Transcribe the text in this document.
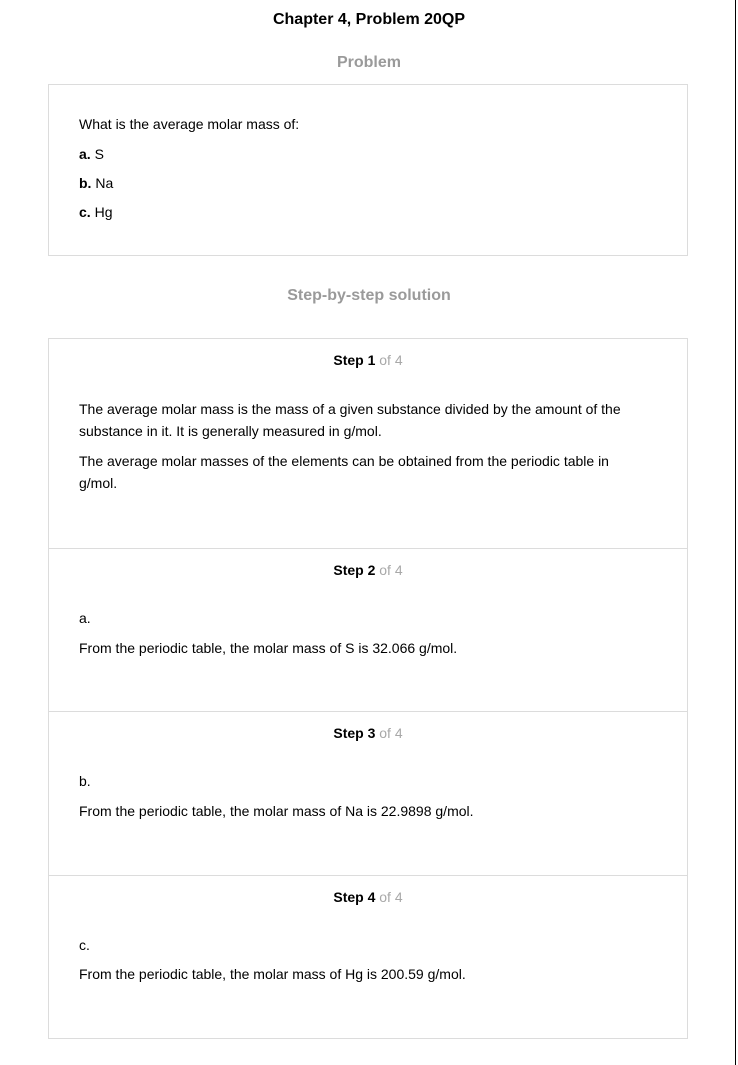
Chapter 4, Problem 20QP
Problem
What is the average molar mass of:
a. S
b. Na
c. Hg
Step-by-step solution
Step 1 of 4
The average molar mass is the mass of a given substance divided by the amount of the substance in it. It is generally measured in g/mol.
The average molar masses of the elements can be obtained from the periodic table in g/mol.
Step 2 of 4
a.
From the periodic table, the molar mass of S is 32.066 g/mol.
Step 3 of 4
b.
From the periodic table, the molar mass of Na is 22.9898 g/mol.
Step 4 of 4
c.
From the periodic table, the molar mass of Hg is 200.59 g/mol.
